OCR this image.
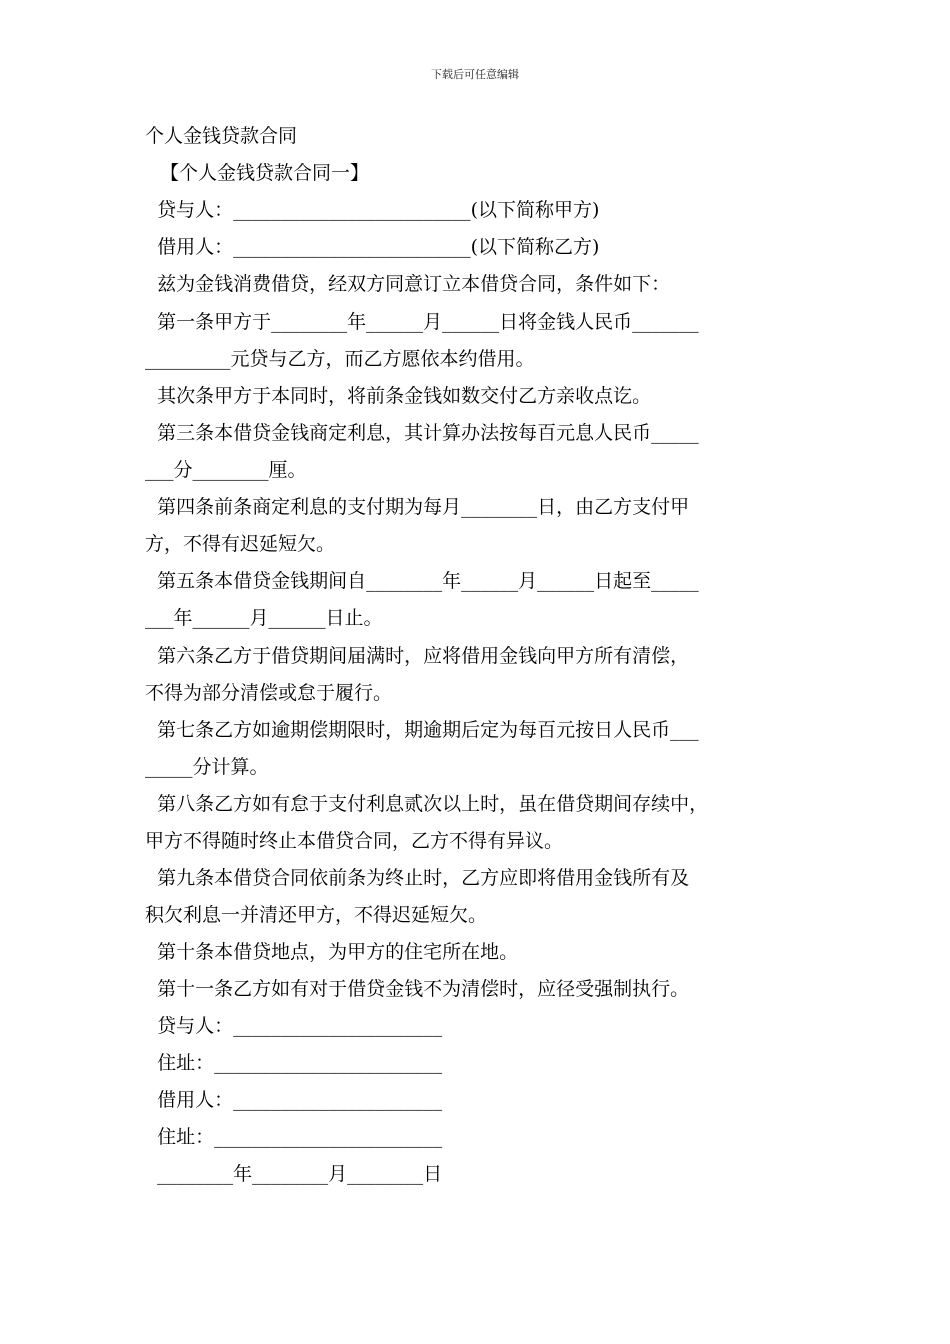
下载后可任意编辑
个人金钱贷款合同
【个人金钱贷款合同一】
贷与人：_________________________(以下简称甲方)
借用人：_________________________(以下简称乙方)
兹为金钱消费借贷，经双方同意订立本借贷合同，条件如下：
第一条甲方于________年______月______日将金钱人民币_______
_________元贷与乙方，而乙方愿依本约借用。
其次条甲方于本同时，将前条金钱如数交付乙方亲收点讫。
第三条本借贷金钱商定利息，其计算办法按每百元息人民币_____
___分________厘。
第四条前条商定利息的支付期为每月________日，由乙方支付甲
方，不得有迟延短欠。
第五条本借贷金钱期间自________年______月______日起至_____
___年______月______日止。
第六条乙方于借贷期间届满时，应将借用金钱向甲方所有清偿，
不得为部分清偿或怠于履行。
第七条乙方如逾期偿期限时，期逾期后定为每百元按日人民币___
_____分计算。
第八条乙方如有怠于支付利息贰次以上时，虽在借贷期间存续中，
甲方不得随时终止本借贷合同，乙方不得有异议。
第九条本借贷合同依前条为终止时，乙方应即将借用金钱所有及
积欠利息一并清还甲方，不得迟延短欠。
第十条本借贷地点，为甲方的住宅所在地。
第十一条乙方如有对于借贷金钱不为清偿时，应径受强制执行。
贷与人：______________________
住址：________________________
借用人：______________________
住址：________________________
________年________月________日
